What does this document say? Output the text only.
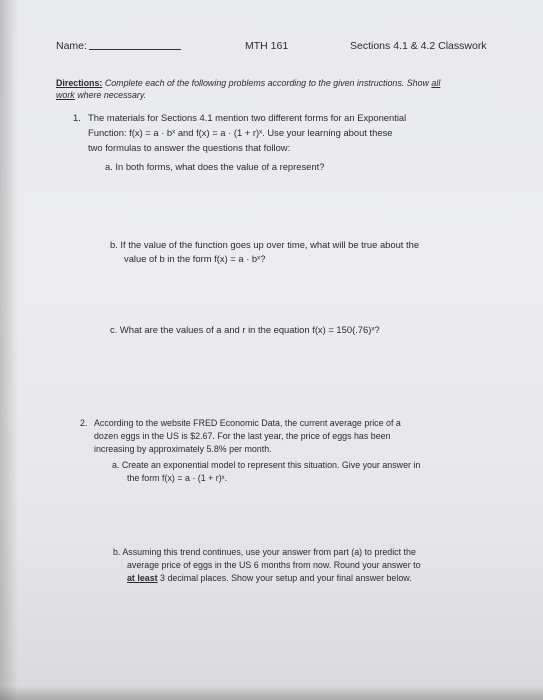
Name:	MTH 161	Sections 4.1 & 4.2 Classwork
Directions: Complete each of the following problems according to the given instructions. Show all
work where necessary.
1. The materials for Sections 4.1 mention two different forms for an Exponential
Function: f(x) = a · bˣ and f(x) = a · (1 + r)ˣ. Use your learning about these
two formulas to answer the questions that follow:
a. In both forms, what does the value of a represent?
b. If the value of the function goes up over time, what will be true about the
value of b in the form f(x) = a · bˣ?
c. What are the values of a and r in the equation f(x) = 150(.76)ˣ?
2. According to the website FRED Economic Data, the current average price of a
dozen eggs in the US is $2.67. For the last year, the price of eggs has been
increasing by approximately 5.8% per month.
a. Create an exponential model to represent this situation. Give your answer in
the form f(x) = a · (1 + r)ˣ.
b. Assuming this trend continues, use your answer from part (a) to predict the
average price of eggs in the US 6 months from now. Round your answer to
at least 3 decimal places. Show your setup and your final answer below.
